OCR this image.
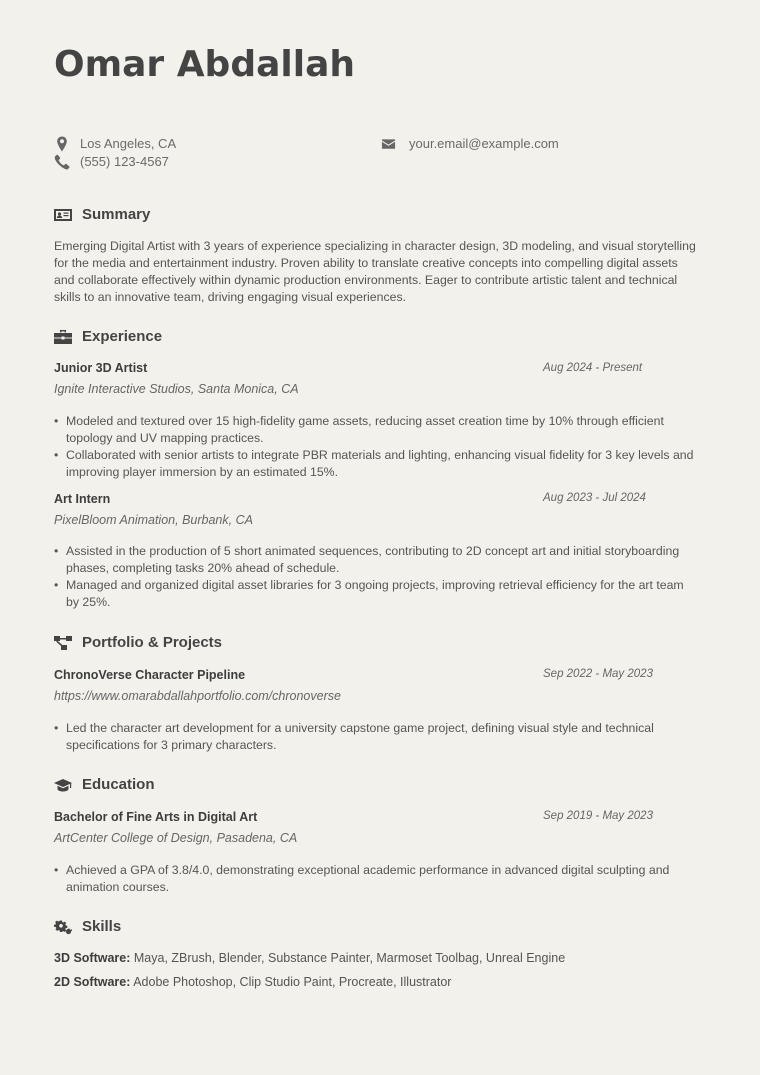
Omar Abdallah
Los Angeles, CA
(555) 123-4567
your.email@example.com
Summary

Emerging Digital Artist with 3 years of experience specializing in character design, 3D modeling, and visual storytelling for the media and entertainment industry. Proven ability to translate creative concepts into compelling digital assets and collaborate effectively within dynamic production environments. Eager to contribute artistic talent and technical skills to an innovative team, driving engaging visual experiences.

Experience
Junior 3D Artist	Aug 2024 - Present
Ignite Interactive Studios, Santa Monica, CA
• Modeled and textured over 15 high-fidelity game assets, reducing asset creation time by 10% through efficient topology and UV mapping practices.
• Collaborated with senior artists to integrate PBR materials and lighting, enhancing visual fidelity for 3 key levels and improving player immersion by an estimated 15%.
Art Intern	Aug 2023 - Jul 2024
PixelBloom Animation, Burbank, CA
• Assisted in the production of 5 short animated sequences, contributing to 2D concept art and initial storyboarding phases, completing tasks 20% ahead of schedule.
• Managed and organized digital asset libraries for 3 ongoing projects, improving retrieval efficiency for the art team by 25%.
Portfolio & Projects
ChronoVerse Character Pipeline	Sep 2022 - May 2023
https://www.omarabdallahportfolio.com/chronoverse
• Led the character art development for a university capstone game project, defining visual style and technical specifications for 3 primary characters.
Education
Bachelor of Fine Arts in Digital Art	Sep 2019 - May 2023
ArtCenter College of Design, Pasadena, CA
• Achieved a GPA of 3.8/4.0, demonstrating exceptional academic performance in advanced digital sculpting and animation courses.
Skills
3D Software: Maya, ZBrush, Blender, Substance Painter, Marmoset Toolbag, Unreal Engine
2D Software: Adobe Photoshop, Clip Studio Paint, Procreate, Illustrator
